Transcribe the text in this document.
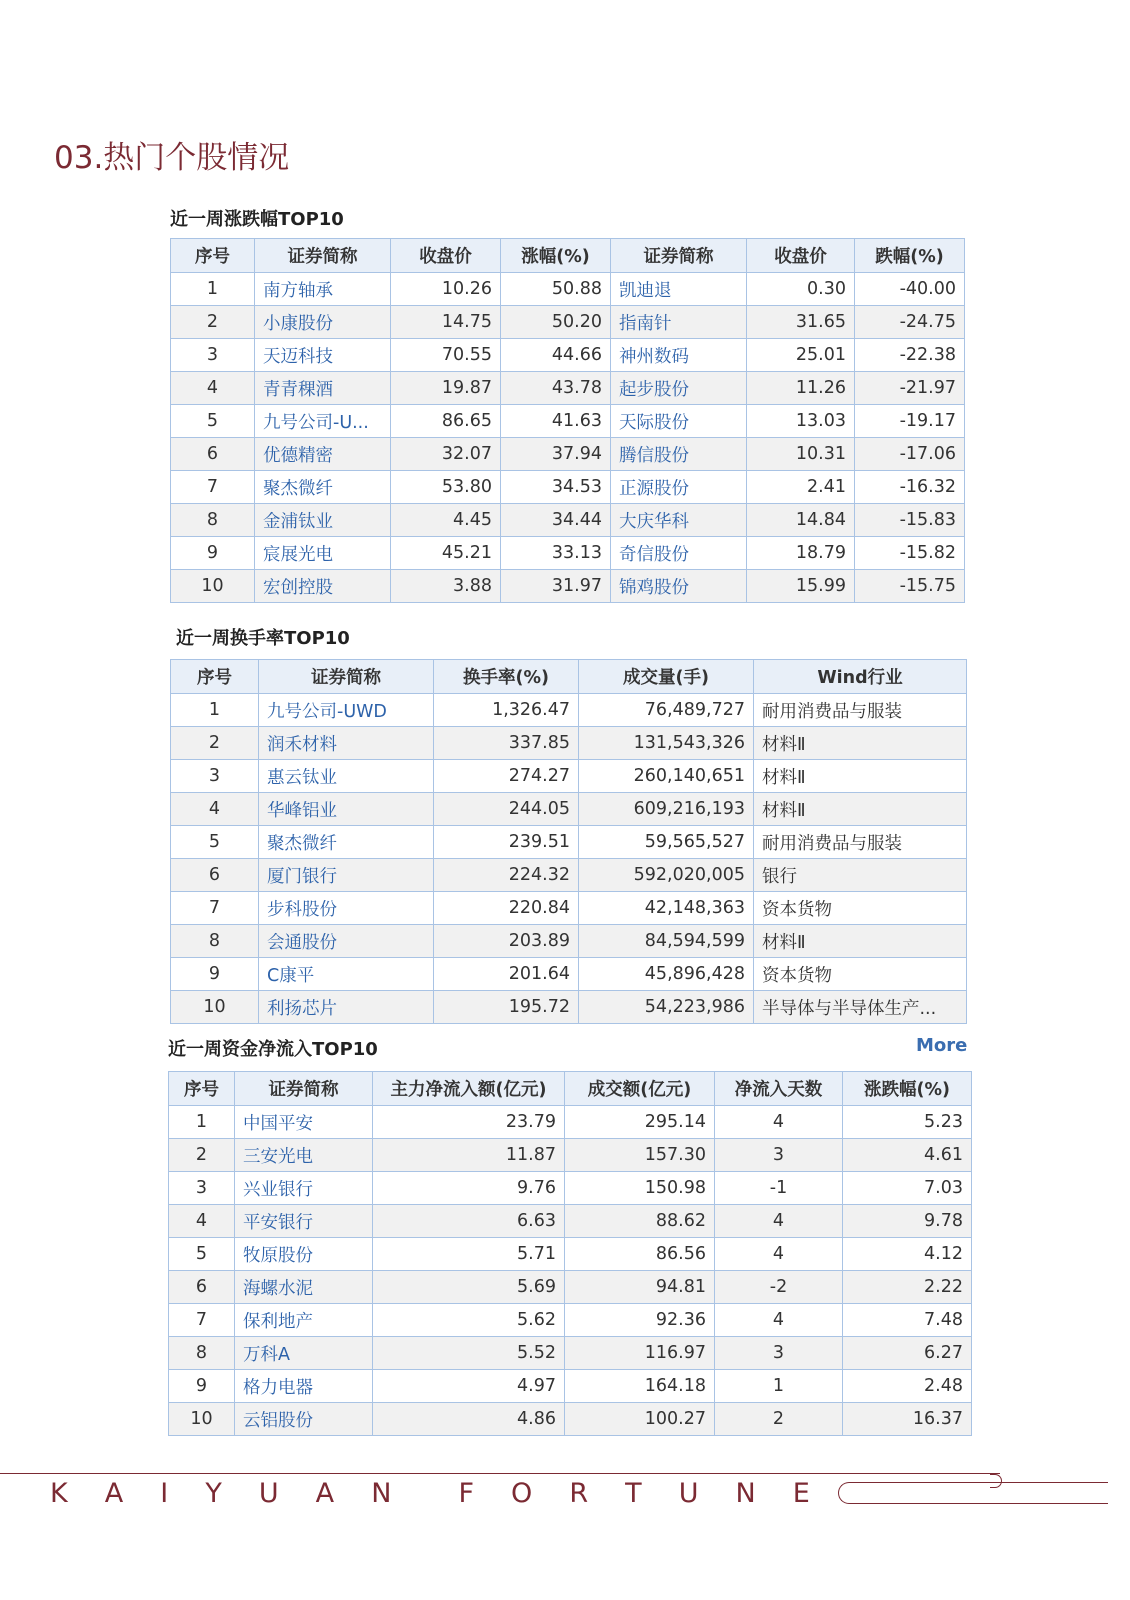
03.热门个股情况
近一周涨跌幅TOP10
序号	证券简称	收盘价	涨幅(%)	证券简称	收盘价	跌幅(%)
1	南方轴承	10.26	50.88	凯迪退	0.30	-40.00
2	小康股份	14.75	50.20	指南针	31.65	-24.75
3	天迈科技	70.55	44.66	神州数码	25.01	-22.38
4	青青稞酒	19.87	43.78	起步股份	11.26	-21.97
5	九号公司-U...	86.65	41.63	天际股份	13.03	-19.17
6	优德精密	32.07	37.94	腾信股份	10.31	-17.06
7	聚杰微纤	53.80	34.53	正源股份	2.41	-16.32
8	金浦钛业	4.45	34.44	大庆华科	14.84	-15.83
9	宸展光电	45.21	33.13	奇信股份	18.79	-15.82
10	宏创控股	3.88	31.97	锦鸡股份	15.99	-15.75
近一周换手率TOP10
序号	证券简称	换手率(%)	成交量(手)	Wind行业
1	九号公司-UWD	1,326.47	76,489,727	耐用消费品与服装
2	润禾材料	337.85	131,543,326	材料Ⅱ
3	惠云钛业	274.27	260,140,651	材料Ⅱ
4	华峰铝业	244.05	609,216,193	材料Ⅱ
5	聚杰微纤	239.51	59,565,527	耐用消费品与服装
6	厦门银行	224.32	592,020,005	银行
7	步科股份	220.84	42,148,363	资本货物
8	会通股份	203.89	84,594,599	材料Ⅱ
9	C康平	201.64	45,896,428	资本货物
10	利扬芯片	195.72	54,223,986	半导体与半导体生产...
近一周资金净流入TOP10	More
序号	证券简称	主力净流入额(亿元)	成交额(亿元)	净流入天数	涨跌幅(%)
1	中国平安	23.79	295.14	4	5.23
2	三安光电	11.87	157.30	3	4.61
3	兴业银行	9.76	150.98	-1	7.03
4	平安银行	6.63	88.62	4	9.78
5	牧原股份	5.71	86.56	4	4.12
6	海螺水泥	5.69	94.81	-2	2.22
7	保利地产	5.62	92.36	4	7.48
8	万科A	5.52	116.97	3	6.27
9	格力电器	4.97	164.18	1	2.48
10	云铝股份	4.86	100.27	2	16.37
K A I Y U A N F O R T U N E
